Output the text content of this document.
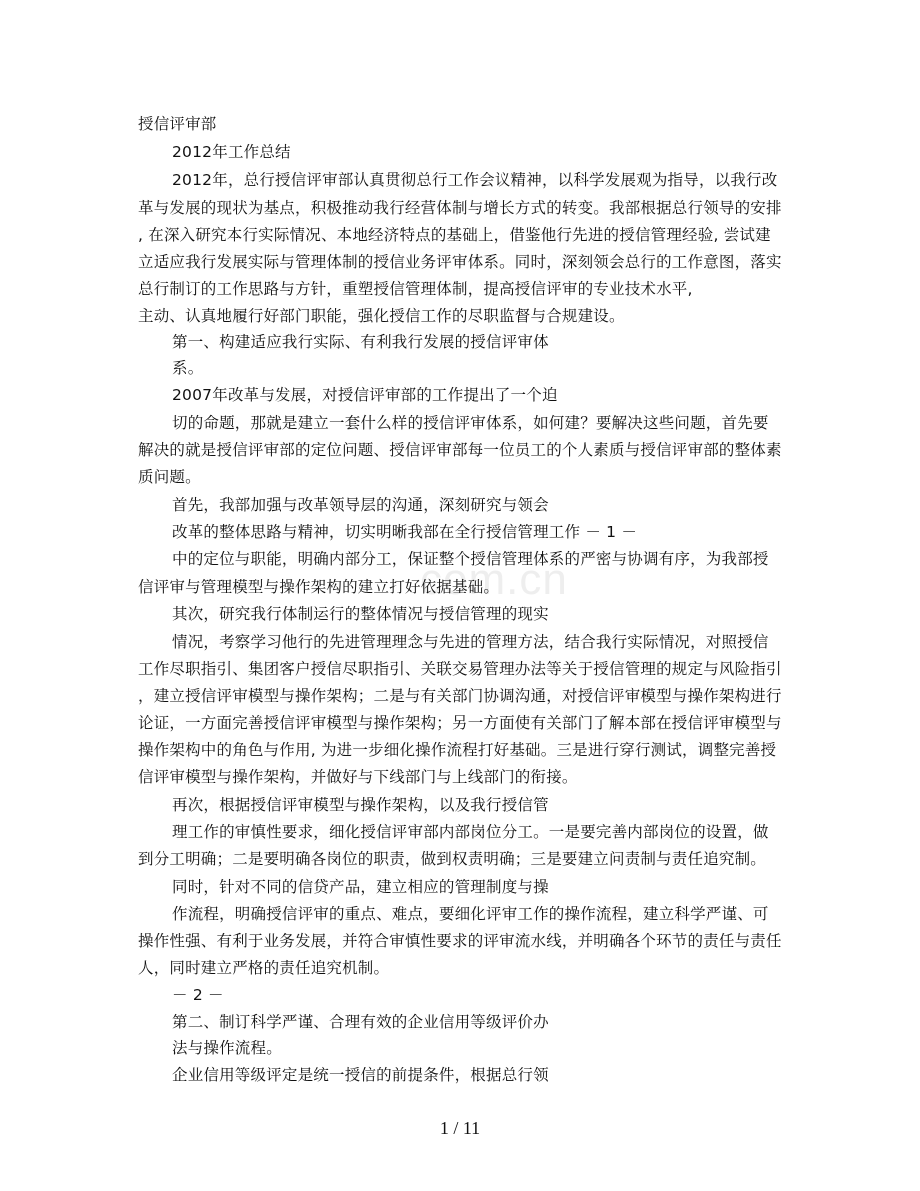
com.cn
授信评审部
2012年工作总结
2012年，总行授信评审部认真贯彻总行工作会议精神，以科学发展观为指导，以我行改
革与发展的现状为基点，积极推动我行经营体制与增长方式的转变。我部根据总行领导的安排
, 在深入研究本行实际情况、本地经济特点的基础上，借鉴他行先进的授信管理经验, 尝试建
立适应我行发展实际与管理体制的授信业务评审体系。同时，深刻领会总行的工作意图，落实
总行制订的工作思路与方针，重塑授信管理体制，提高授信评审的专业技术水平,
主动、认真地履行好部门职能，强化授信工作的尽职监督与合规建设。
第一、构建适应我行实际、有利我行发展的授信评审体
系。
2007年改革与发展，对授信评审部的工作提出了一个迫
切的命题，那就是建立一套什么样的授信评审体系，如何建？要解决这些问题，首先要
解决的就是授信评审部的定位问题、授信评审部每一位员工的个人素质与授信评审部的整体素
质问题。
首先，我部加强与改革领导层的沟通，深刻研究与领会
改革的整体思路与精神，切实明晰我部在全行授信管理工作 － 1 －
中的定位与职能，明确内部分工，保证整个授信管理体系的严密与协调有序，为我部授
信评审与管理模型与操作架构的建立打好依据基础。
其次，研究我行体制运行的整体情况与授信管理的现实
情况，考察学习他行的先进管理理念与先进的管理方法，结合我行实际情况，对照授信
工作尽职指引、集团客户授信尽职指引、关联交易管理办法等关于授信管理的规定与风险指引
，建立授信评审模型与操作架构；二是与有关部门协调沟通，对授信评审模型与操作架构进行
论证，一方面完善授信评审模型与操作架构；另一方面使有关部门了解本部在授信评审模型与
操作架构中的角色与作用, 为进一步细化操作流程打好基础。三是进行穿行测试，调整完善授
信评审模型与操作架构，并做好与下线部门与上线部门的衔接。
再次，根据授信评审模型与操作架构，以及我行授信管
理工作的审慎性要求，细化授信评审部内部岗位分工。一是要完善内部岗位的设置，做
到分工明确；二是要明确各岗位的职责，做到权责明确；三是要建立问责制与责任追究制。
同时，针对不同的信贷产品，建立相应的管理制度与操
作流程，明确授信评审的重点、难点，要细化评审工作的操作流程，建立科学严谨、可
操作性强、有利于业务发展，并符合审慎性要求的评审流水线，并明确各个环节的责任与责任
人，同时建立严格的责任追究机制。
－ 2 －
第二、制订科学严谨、合理有效的企业信用等级评价办
法与操作流程。
企业信用等级评定是统一授信的前提条件，根据总行领
1 / 11
